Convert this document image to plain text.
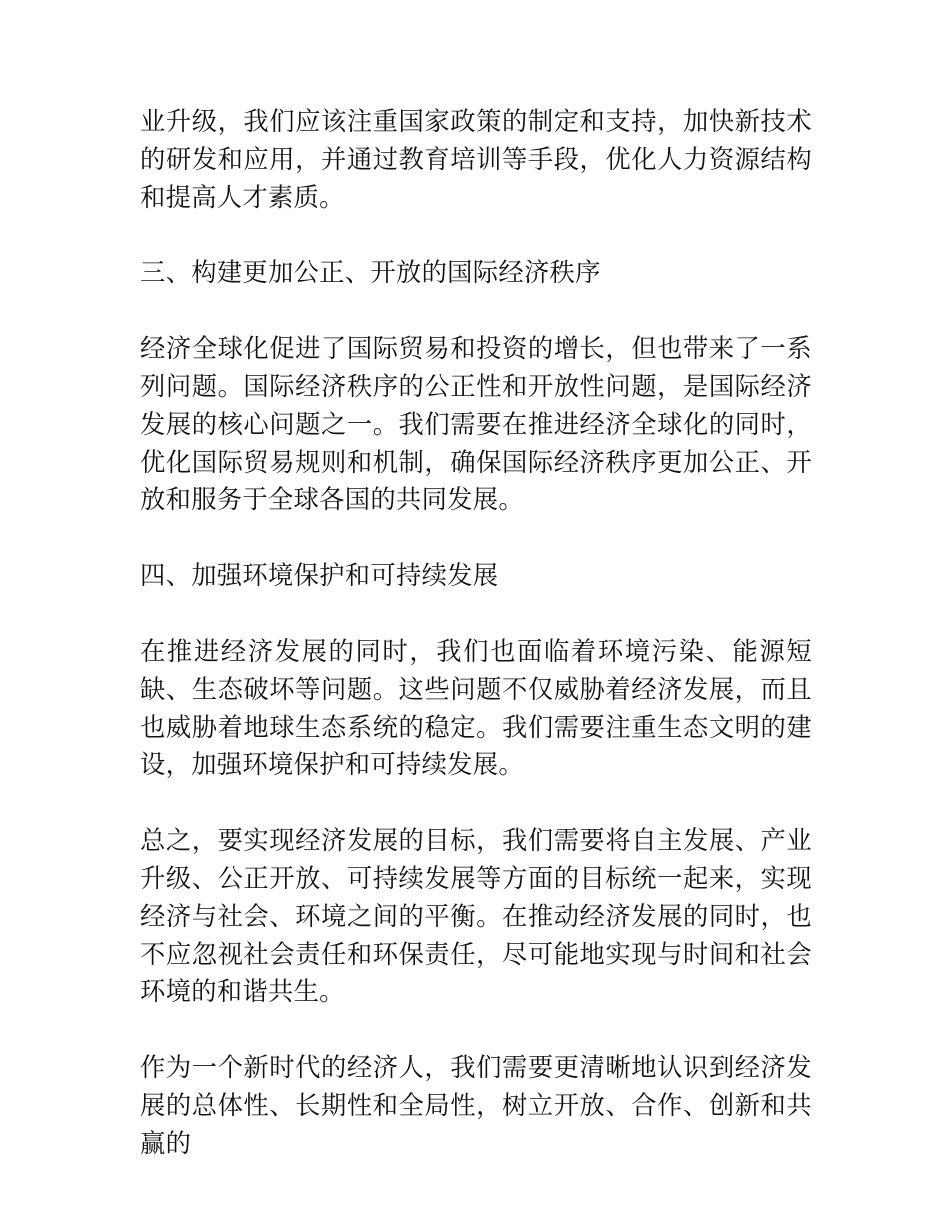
业升级，我们应该注重国家政策的制定和支持，加快新技术的研发和应用，并通过教育培训等手段，优化人力资源结构和提高人才素质。

三、构建更加公正、开放的国际经济秩序

经济全球化促进了国际贸易和投资的增长，但也带来了一系列问题。国际经济秩序的公正性和开放性问题，是国际经济发展的核心问题之一。我们需要在推进经济全球化的同时，优化国际贸易规则和机制，确保国际经济秩序更加公正、开放和服务于全球各国的共同发展。

四、加强环境保护和可持续发展

在推进经济发展的同时，我们也面临着环境污染、能源短缺、生态破坏等问题。这些问题不仅威胁着经济发展，而且也威胁着地球生态系统的稳定。我们需要注重生态文明的建设，加强环境保护和可持续发展。

总之，要实现经济发展的目标，我们需要将自主发展、产业升级、公正开放、可持续发展等方面的目标统一起来，实现经济与社会、环境之间的平衡。在推动经济发展的同时，也不应忽视社会责任和环保责任，尽可能地实现与时间和社会环境的和谐共生。

作为一个新时代的经济人，我们需要更清晰地认识到经济发展的总体性、长期性和全局性，树立开放、合作、创新和共赢的
